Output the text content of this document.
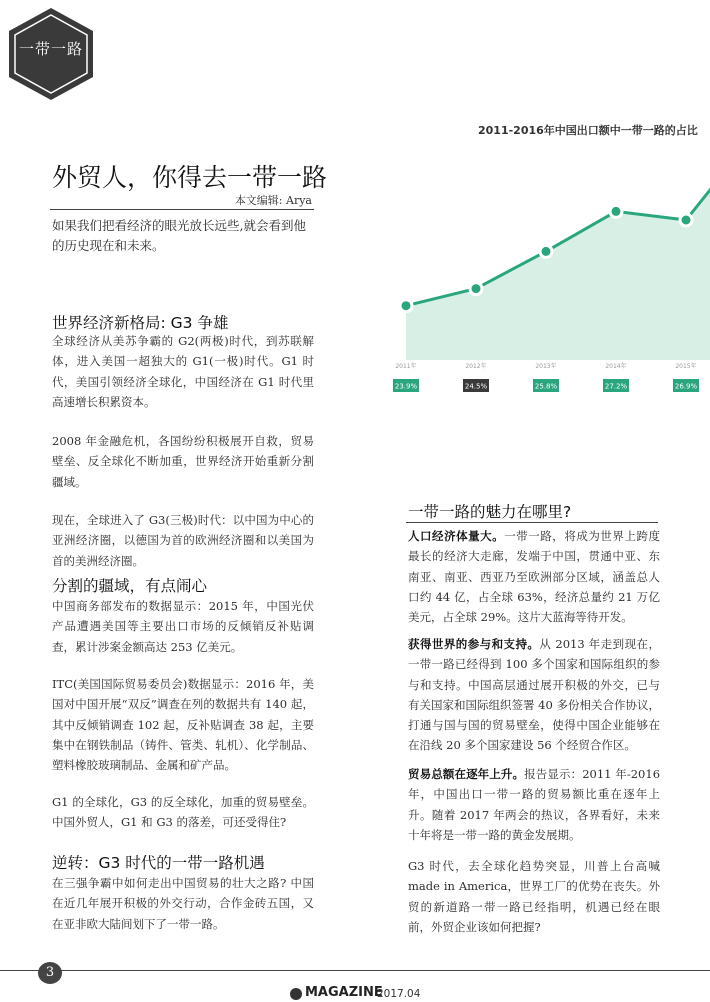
一带一路
2011-2016年中国出口额中一带一路的占比
2011年
23.9%
2012年
24.5%
2013年
25.8%
2014年
27.2%
2015年
26.9%
外贸人，你得去一带一路
本文编辑: Arya
如果我们把看经济的眼光放长远些,就会看到他的历史现在和未来。
世界经济新格局: G3 争雄
全球经济从美苏争霸的 G2(两极)时代，到苏联解体，进入美国一超独大的 G1(一极)时代。G1 时代，美国引领经济全球化，中国经济在 G1 时代里高速增长积累资本。
2008 年金融危机，各国纷纷积极展开自救，贸易壁垒、反全球化不断加重，世界经济开始重新分割疆域。
现在，全球进入了 G3(三极)时代：以中国为中心的亚洲经济圈，以德国为首的欧洲经济圈和以美国为首的美洲经济圈。
分割的疆域，有点闹心
中国商务部发布的数据显示：2015 年，中国光伏产品遭遇美国等主要出口市场的反倾销反补贴调查，累计涉案金额高达 253 亿美元。
ITC(美国国际贸易委员会)数据显示：2016 年，美国对中国开展“双反”调查在列的数据共有 140 起，其中反倾销调查 102 起，反补贴调查 38 起，主要集中在钢铁制品（铸件、管类、轧机）、化学制品、塑料橡胶玻璃制品、金属和矿产品。
G1 的全球化，G3 的反全球化，加重的贸易壁垒。中国外贸人，G1 和 G3 的落差，可还受得住?
逆转：G3 时代的一带一路机遇
在三强争霸中如何走出中国贸易的壮大之路? 中国在近几年展开积极的外交行动，合作金砖五国，又在亚非欧大陆间划下了一带一路。
一带一路的魅力在哪里?
人口经济体量大。一带一路，将成为世界上跨度最长的经济大走廊，发端于中国，贯通中亚、东南亚、南亚、西亚乃至欧洲部分区域，涵盖总人口约 44 亿，占全球 63%，经济总量约 21 万亿美元，占全球 29%。这片大蓝海等待开发。
获得世界的参与和支持。从 2013 年走到现在，一带一路已经得到 100 多个国家和国际组织的参与和支持。中国高层通过展开积极的外交，已与有关国家和国际组织签署 40 多份相关合作协议，打通与国与国的贸易壁垒，使得中国企业能够在在沿线 20 多个国家建设 56 个经贸合作区。
贸易总额在逐年上升。报告显示：2011 年-2016 年，中国出口一带一路的贸易额比重在逐年上升。随着 2017 年两会的热议，各界看好，未来十年将是一带一路的黄金发展期。
G3 时代，去全球化趋势突显，川普上台高喊 made in America，世界工厂的优势在丧失。外贸的新道路一带一路已经指明，机遇已经在眼前，外贸企业该如何把握?
3
MAGAZINE
2017.04
